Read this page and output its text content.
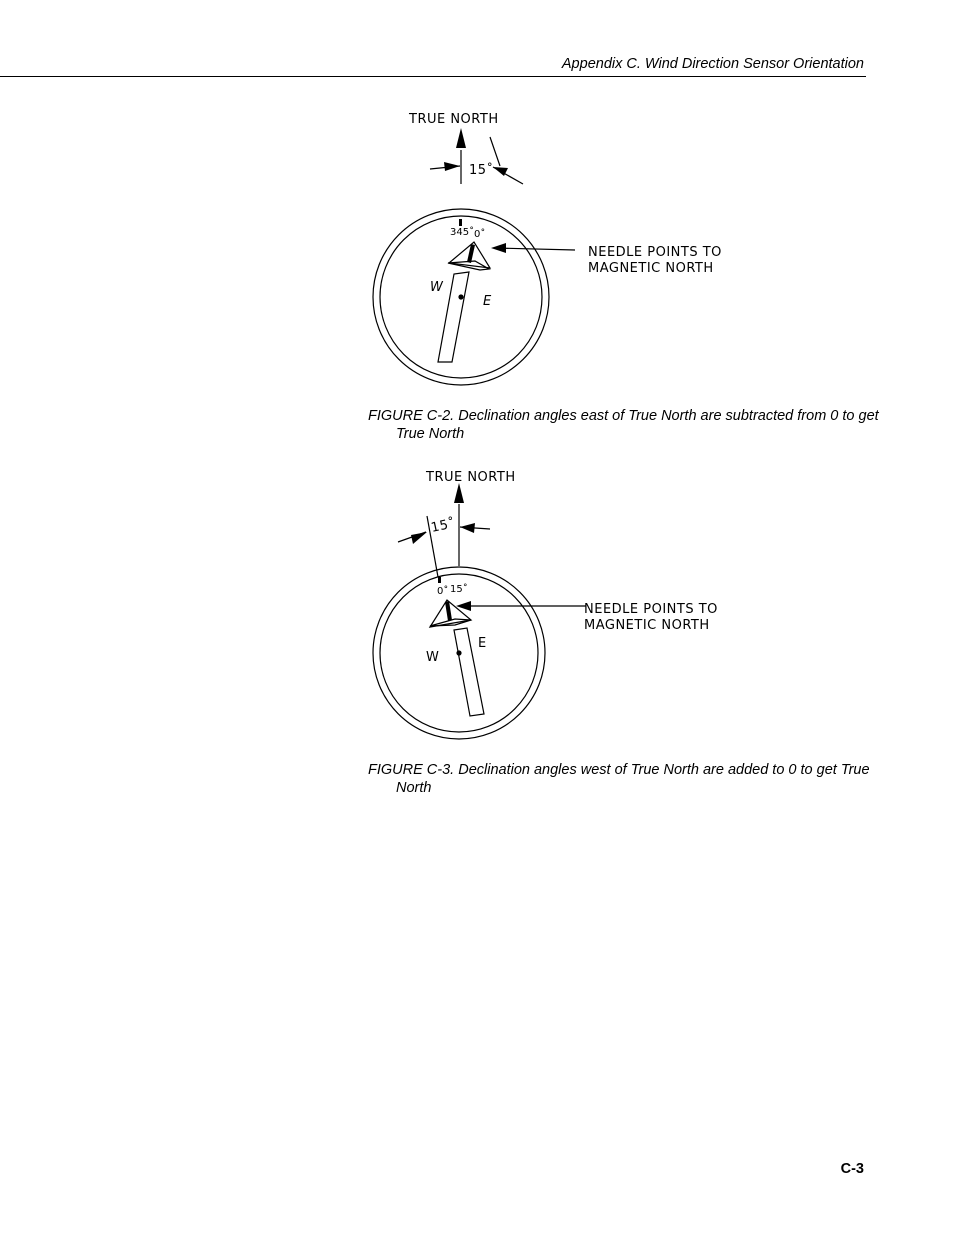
Appendix C. Wind Direction Sensor Orientation
TRUE NORTH
15˚
345˚ 0˚
NEEDLE POINTS TO
MAGNETIC NORTH
W
E
FIGURE C-2. Declination angles east of True North are subtracted from 0 to get True North
TRUE NORTH
15˚
0˚ 15˚
NEEDLE POINTS TO
MAGNETIC NORTH
W
E
FIGURE C-3. Declination angles west of True North are added to 0 to get True North
C-3
